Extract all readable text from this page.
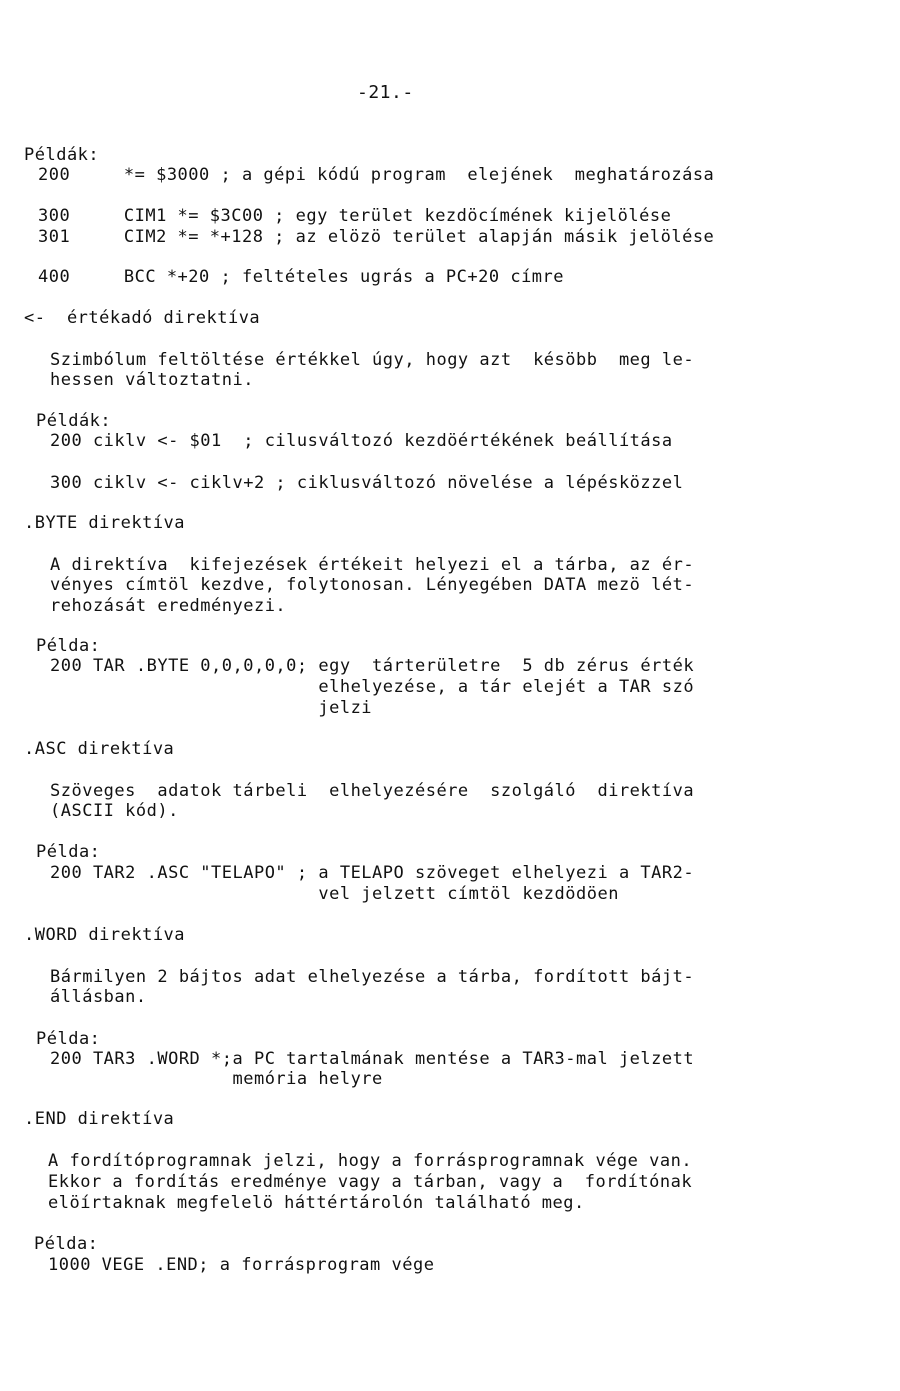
-21.-
Példák:
200     *= $3000 ; a gépi kódú program  elejének  meghatározása
300     CIM1 *= $3C00 ; egy terület kezdöcímének kijelölése
301     CIM2 *= *+128 ; az elözö terület alapján másik jelölése
400     BCC *+20 ; feltételes ugrás a PC+20 címre
<-  értékadó direktíva
Szimbólum feltöltése értékkel úgy, hogy azt  késöbb  meg le-
hessen változtatni.
Példák:
200 ciklv <- $01  ; cilusváltozó kezdöértékének beállítása
300 ciklv <- ciklv+2 ; ciklusváltozó növelése a lépésközzel
.BYTE direktíva
A direktíva  kifejezések értékeit helyezi el a tárba, az ér-
vényes címtöl kezdve, folytonosan. Lényegében DATA mezö lét-
rehozását eredményezi.
Példa:
200 TAR .BYTE 0,0,0,0,0; egy  tárterületre  5 db zérus érték
elhelyezése, a tár elejét a TAR szó
jelzi
.ASC direktíva
Szöveges  adatok tárbeli  elhelyezésére  szolgáló  direktíva
(ASCII kód).
Példa:
200 TAR2 .ASC "TELAPO" ; a TELAPO szöveget elhelyezi a TAR2-
vel jelzett címtöl kezdödöen
.WORD direktíva
Bármilyen 2 bájtos adat elhelyezése a tárba, fordított bájt-
állásban.
Példa:
200 TAR3 .WORD *;a PC tartalmának mentése a TAR3-mal jelzett
memória helyre
.END direktíva
A fordítóprogramnak jelzi, hogy a forrásprogramnak vége van.
Ekkor a fordítás eredménye vagy a tárban, vagy a  fordítónak
elöírtaknak megfelelö háttértárolón található meg.
Példa:
1000 VEGE .END; a forrásprogram vége
